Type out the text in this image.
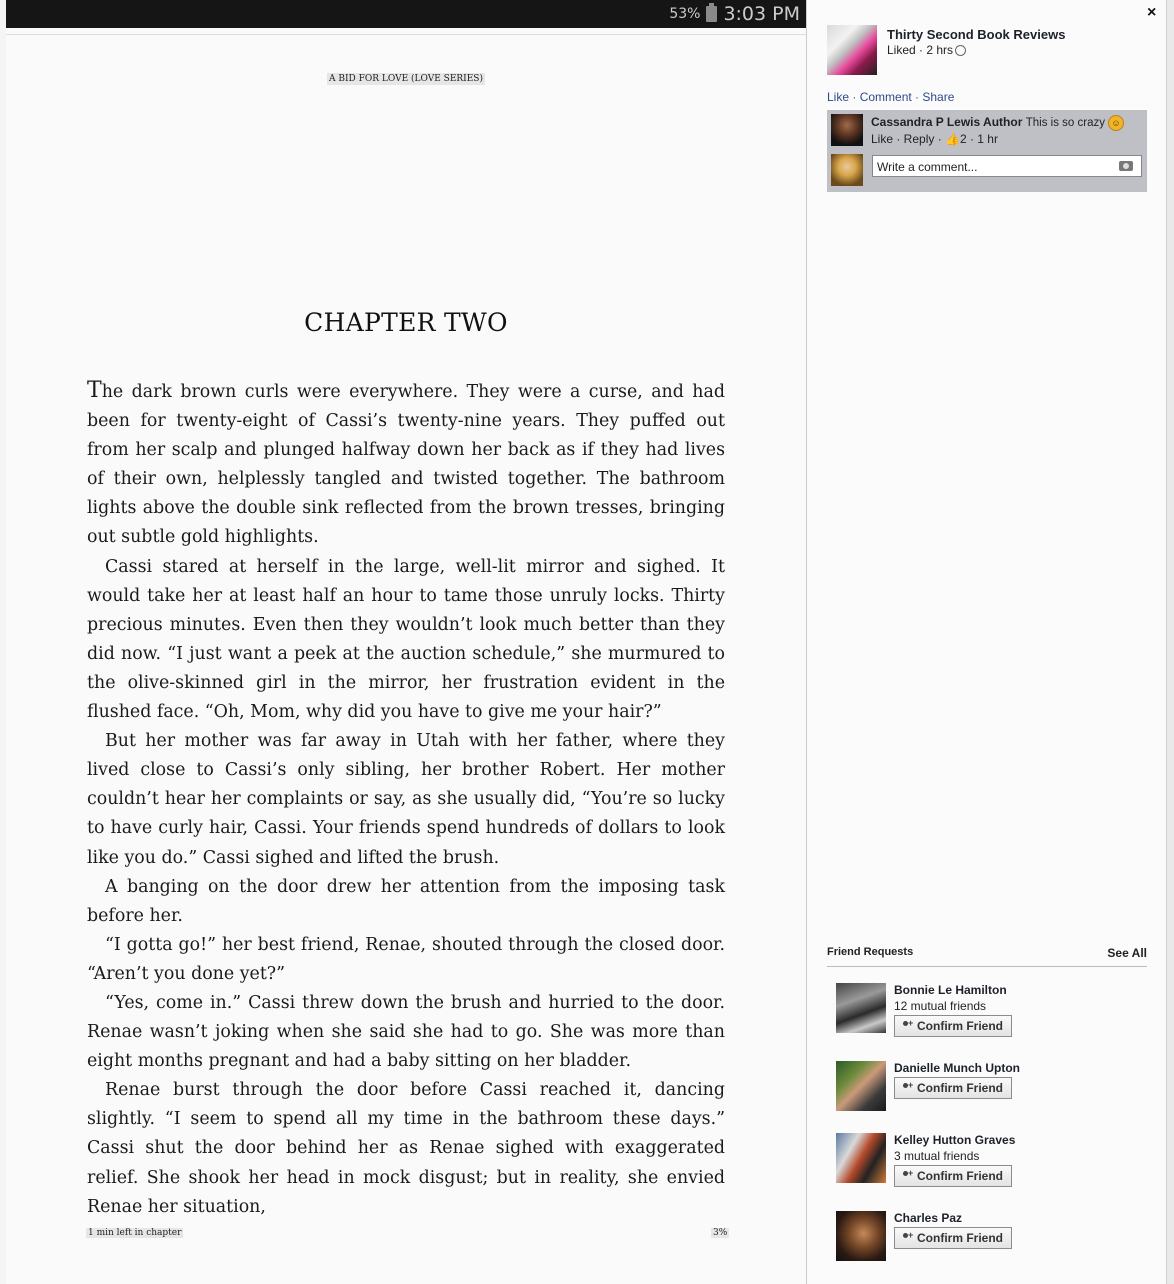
53% 3:03 PM
A BID FOR LOVE (LOVE SERIES)
CHAPTER TWO

The dark brown curls were everywhere. They were a curse, and had been for twenty-eight of Cassi’s twenty-nine years. They puffed out from her scalp and plunged halfway down her back as if they had lives of their own, helplessly tangled and twisted together. The bathroom lights above the double sink reflected from the brown tresses, bringing out subtle gold highlights.

Cassi stared at herself in the large, well-lit mirror and sighed. It would take her at least half an hour to tame those unruly locks. Thirty precious minutes. Even then they wouldn’t look much better than they did now. “I just want a peek at the auction schedule,” she murmured to the olive-skinned girl in the mirror, her frustration evident in the flushed face. “Oh, Mom, why did you have to give me your hair?”

But her mother was far away in Utah with her father, where they lived close to Cassi’s only sibling, her brother Robert. Her mother couldn’t hear her complaints or say, as she usually did, “You’re so lucky to have curly hair, Cassi. Your friends spend hundreds of dollars to look like you do.” Cassi sighed and lifted the brush.

A banging on the door drew her attention from the imposing task before her.

“I gotta go!” her best friend, Renae, shouted through the closed door. “Aren’t you done yet?”

“Yes, come in.” Cassi threw down the brush and hurried to the door. Renae wasn’t joking when she said she had to go. She was more than eight months pregnant and had a baby sitting on her bladder.

Renae burst through the door before Cassi reached it, dancing slightly. “I seem to spend all my time in the bathroom these days.” Cassi shut the door behind her as Renae sighed with exaggerated relief. She shook her head in mock disgust; but in reality, she envied Renae her situation,

1 min left in chapter	3%
×
Thirty Second Book Reviews
Liked · 2 hrs
Like · Comment · Share
Cassandra P Lewis Author This is so crazy ☺
Like · Reply · 👍2 · 1 hr
Write a comment...
Friend Requests	See All
Bonnie Le Hamilton
12 mutual friends
+Confirm Friend
Danielle Munch Upton
+Confirm Friend
Kelley Hutton Graves
3 mutual friends
+Confirm Friend
Charles Paz
+Confirm Friend
